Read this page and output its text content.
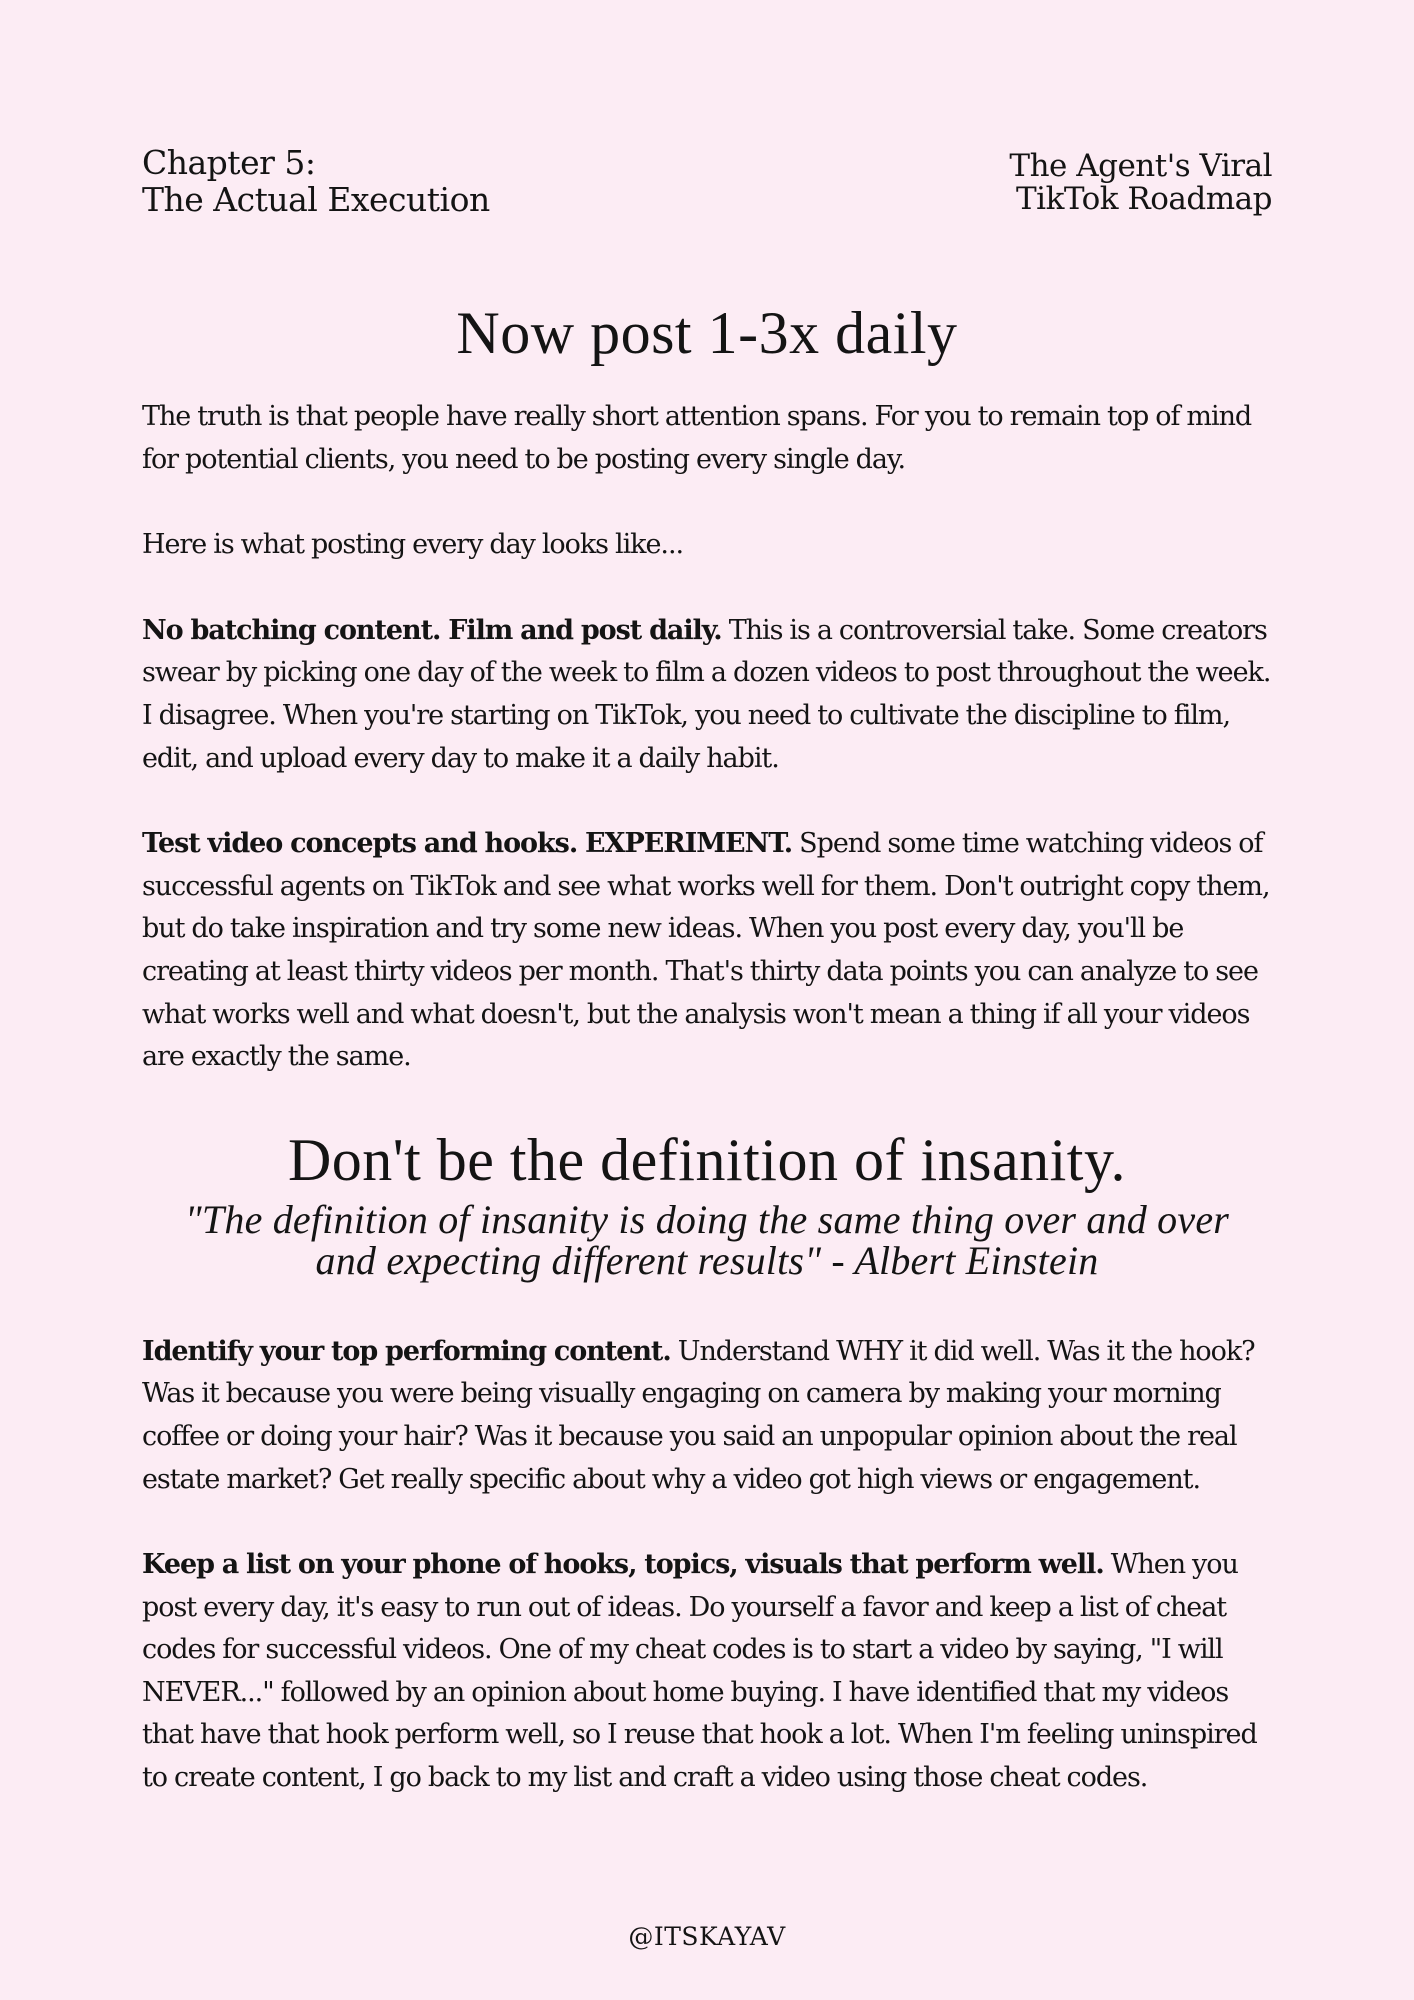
Chapter 5:
The Actual Execution
The Agent's Viral
TikTok Roadmap
Now post 1-3x daily

The truth is that people have really short attention spans. For you to remain top of mind for potential clients, you need to be posting every single day.

Here is what posting every day looks like...

No batching content. Film and post daily. This is a controversial take. Some creators swear by picking one day of the week to film a dozen videos to post throughout the week. I disagree. When you're starting on TikTok, you need to cultivate the discipline to film, edit, and upload every day to make it a daily habit.

Test video concepts and hooks. EXPERIMENT. Spend some time watching videos of successful agents on TikTok and see what works well for them. Don't outright copy them, but do take inspiration and try some new ideas. When you post every day, you'll be creating at least thirty videos per month. That's thirty data points you can analyze to see what works well and what doesn't, but the analysis won't mean a thing if all your videos are exactly the same.

Don't be the definition of insanity.
"The definition of insanity is doing the same thing over and over
and expecting different results" - Albert Einstein

Identify your top performing content. Understand WHY it did well. Was it the hook? Was it because you were being visually engaging on camera by making your morning coffee or doing your hair? Was it because you said an unpopular opinion about the real estate market? Get really specific about why a video got high views or engagement.

Keep a list on your phone of hooks, topics, visuals that perform well. When you post every day, it's easy to run out of ideas. Do yourself a favor and keep a list of cheat codes for successful videos. One of my cheat codes is to start a video by saying, "I will NEVER..." followed by an opinion about home buying. I have identified that my videos that have that hook perform well, so I reuse that hook a lot. When I'm feeling uninspired to create content, I go back to my list and craft a video using those cheat codes.

@ITSKAYAV
